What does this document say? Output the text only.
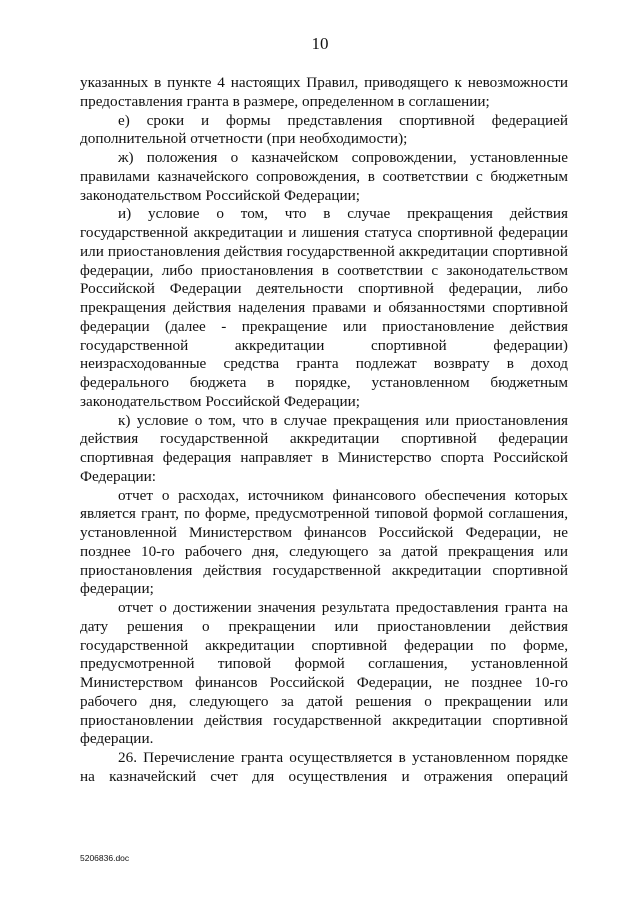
10

указанных в пункте 4 настоящих Правил, приводящего к невозможности предоставления гранта в размере, определенном в соглашении;

е) сроки и формы представления спортивной федерацией дополнительной отчетности (при необходимости);

ж) положения о казначейском сопровождении, установленные правилами казначейского сопровождения, в соответствии с бюджетным законодательством Российской Федерации;

и) условие о том, что в случае прекращения действия государственной аккредитации и лишения статуса спортивной федерации или приостановления действия государственной аккредитации спортивной федерации, либо приостановления в соответствии с законодательством Российской Федерации деятельности спортивной федерации, либо прекращения действия наделения правами и обязанностями спортивной федерации (далее - прекращение или приостановление действия государственной аккредитации спортивной федерации) неизрасходованные средства гранта подлежат возврату в доход федерального бюджета в порядке, установленном бюджетным законодательством Российской Федерации;

к) условие о том, что в случае прекращения или приостановления действия государственной аккредитации спортивной федерации спортивная федерация направляет в Министерство спорта Российской Федерации:

отчет о расходах, источником финансового обеспечения которых является грант, по форме, предусмотренной типовой формой соглашения, установленной Министерством финансов Российской Федерации, не позднее 10-го рабочего дня, следующего за датой прекращения или приостановления действия государственной аккредитации спортивной федерации;

отчет о достижении значения результата предоставления гранта на дату решения о прекращении или приостановлении действия государственной аккредитации спортивной федерации по форме, предусмотренной типовой формой соглашения, установленной Министерством финансов Российской Федерации, не позднее 10-го рабочего дня, следующего за датой решения о прекращении или приостановлении действия государственной аккредитации спортивной федерации.

26. Перечисление гранта осуществляется в установленном порядке на казначейский счет для осуществления и отражения операций

5206836.doc
